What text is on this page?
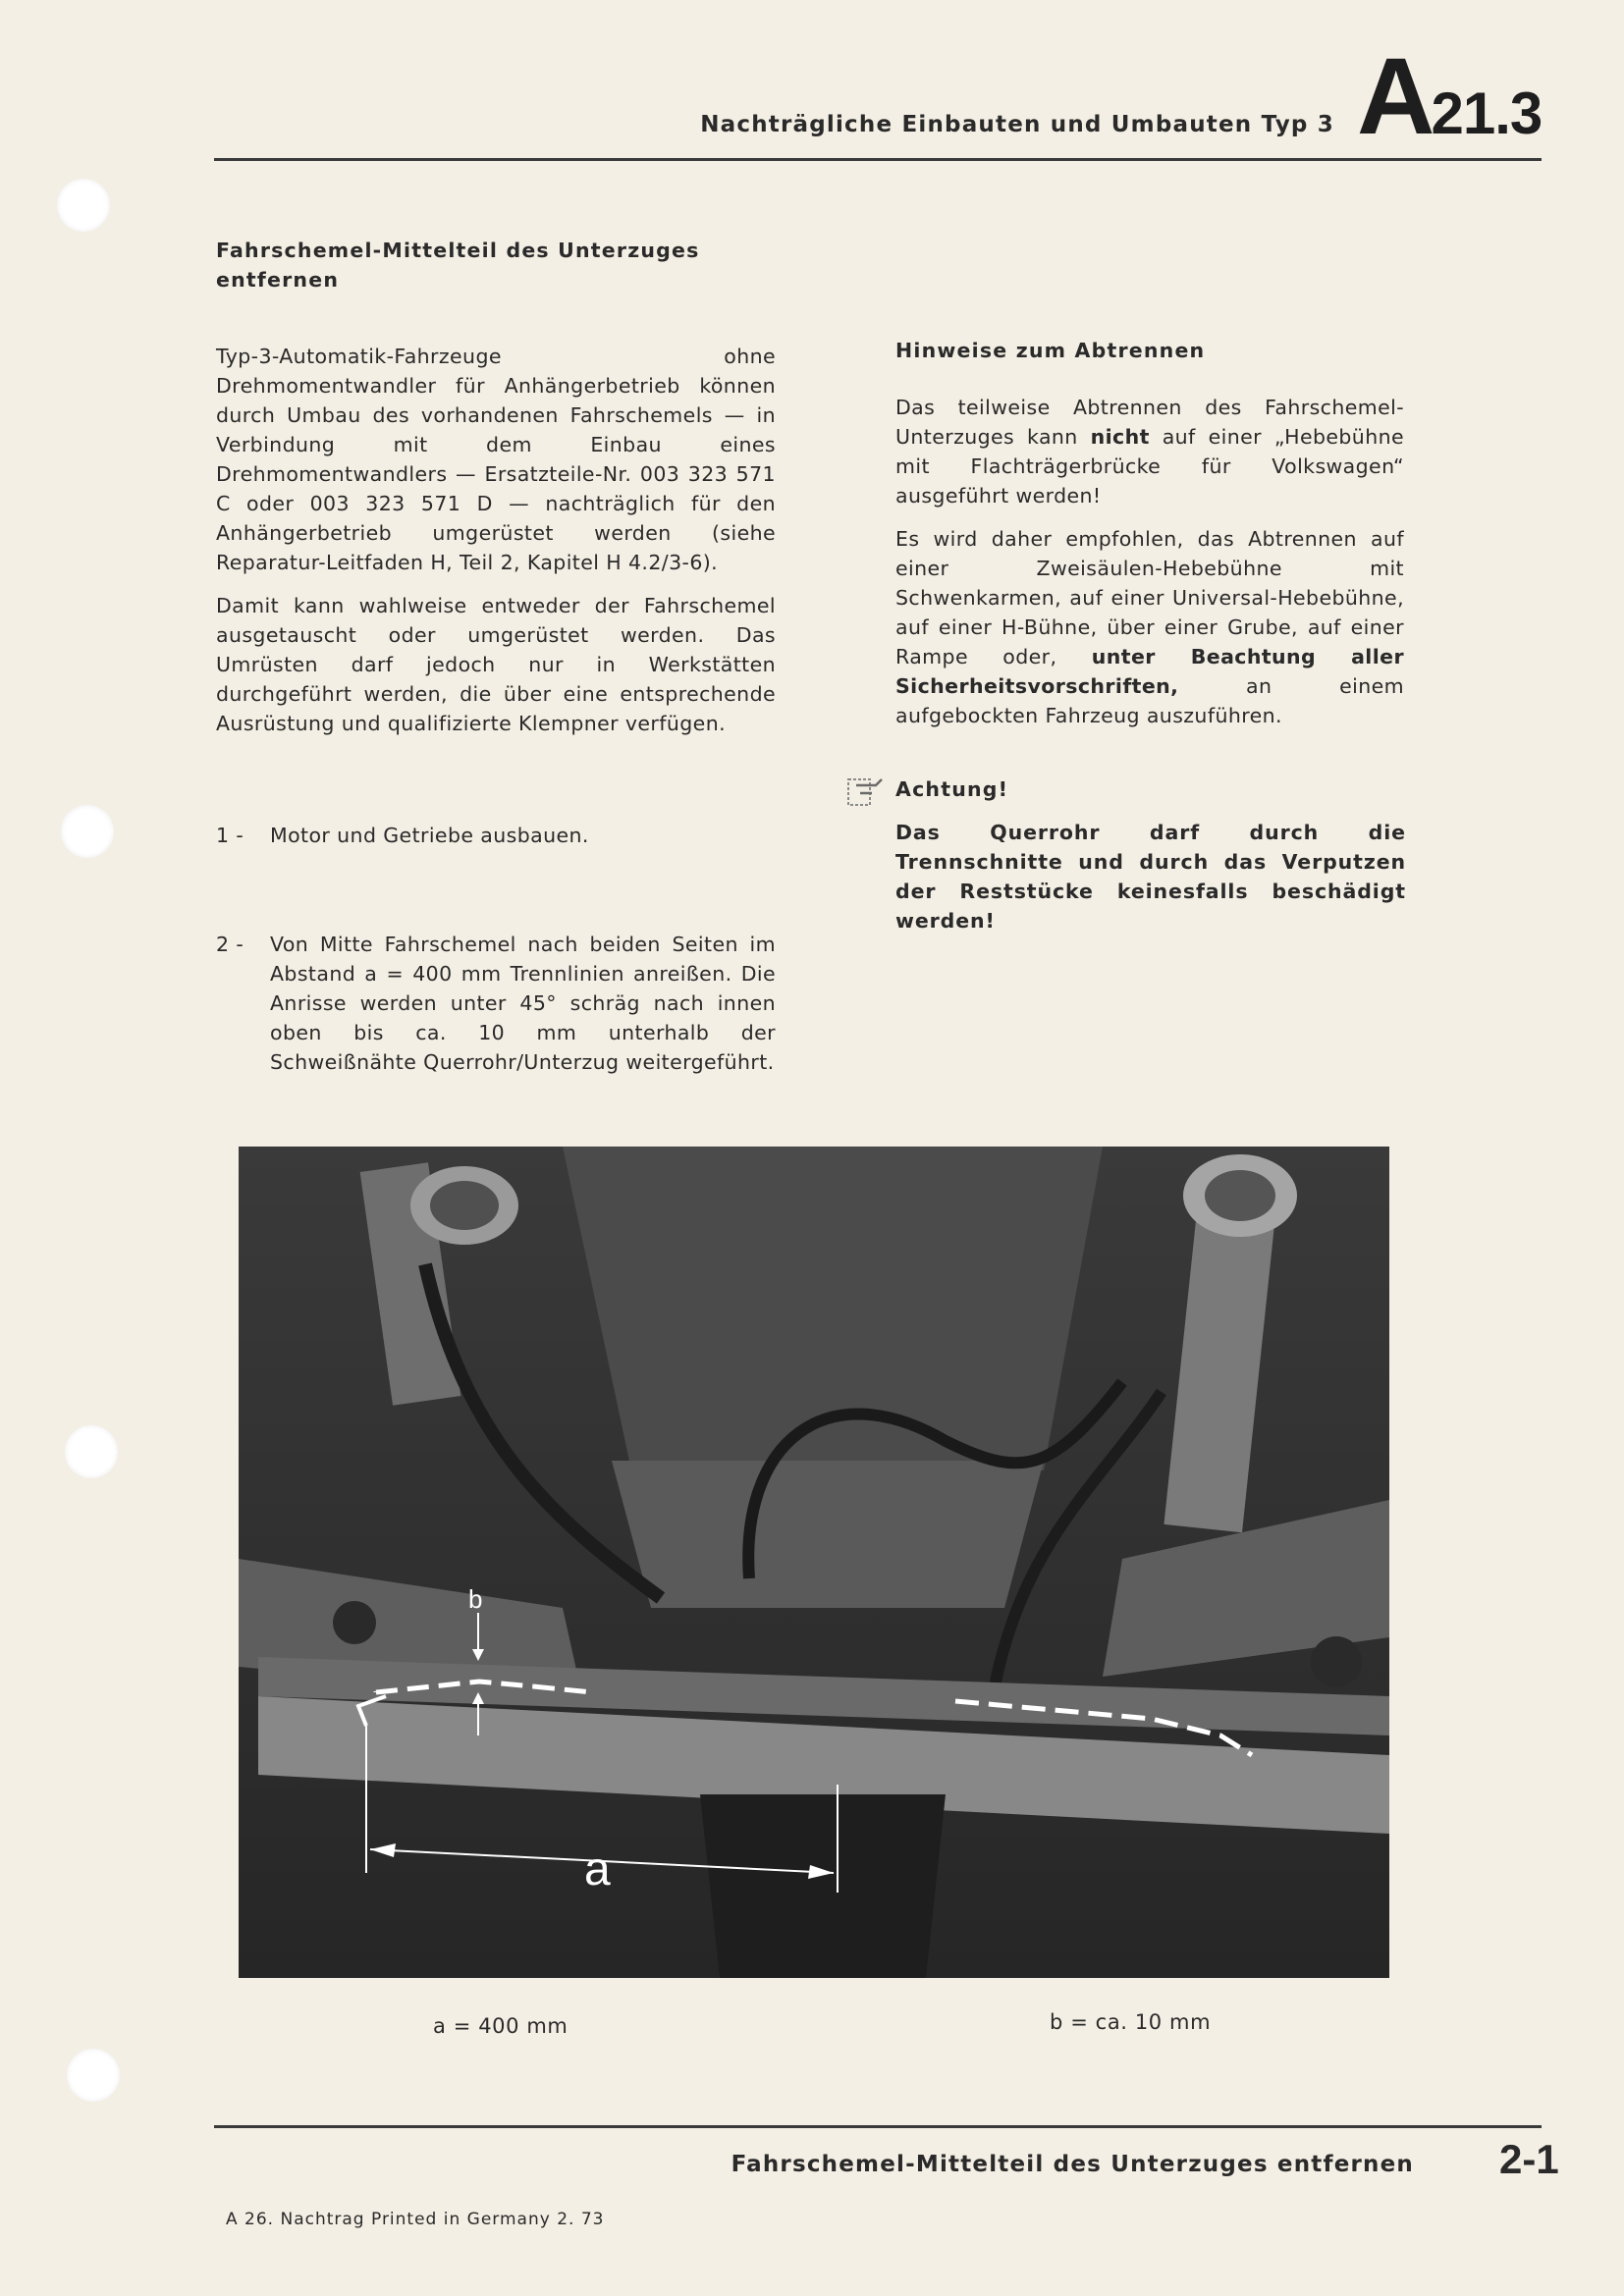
Nachträgliche Einbauten und Umbauten Typ 3 A21.3

Fahrschemel-Mittelteil des Unterzuges entfernen

Typ-3-Automatik-Fahrzeuge ohne Drehmomentwandler für Anhängerbetrieb können durch Umbau des vorhandenen Fahrschemels — in Verbindung mit dem Einbau eines Drehmomentwandlers — Ersatzteile-Nr. 003 323 571 C oder 003 323 571 D — nachträglich für den Anhängerbetrieb umgerüstet werden (siehe Reparatur-Leitfaden H, Teil 2, Kapitel H 4.2/3-6).

Damit kann wahlweise entweder der Fahrschemel ausgetauscht oder umgerüstet werden. Das Umrüsten darf jedoch nur in Werkstätten durchgeführt werden, die über eine entsprechende Ausrüstung und qualifizierte Klempner verfügen.

1 - Motor und Getriebe ausbauen.
2 - Von Mitte Fahrschemel nach beiden Seiten im Abstand a = 400 mm Trennlinien anreißen. Die Anrisse werden unter 45° schräg nach innen oben bis ca. 10 mm unterhalb der Schweißnähte Querrohr/Unterzug weitergeführt.

Hinweise zum Abtrennen

Das teilweise Abtrennen des Fahrschemel-Unterzuges kann nicht auf einer „Hebebühne mit Flachträgerbrücke für Volkswagen“ ausgeführt werden!

Es wird daher empfohlen, das Abtrennen auf einer Zweisäulen-Hebebühne mit Schwenkarmen, auf einer Universal-Hebebühne, auf einer H-Bühne, über einer Grube, auf einer Rampe oder, unter Beachtung aller Sicherheitsvorschriften, an einem aufgebockten Fahrzeug auszuführen.

Achtung!

Das Querrohr darf durch die Trennschnitte und durch das Verputzen der Reststücke keinesfalls beschädigt werden!

b
a
a = 400 mm	b = ca. 10 mm
Fahrschemel-Mittelteil des Unterzuges entfernen 2-1
A 26. Nachtrag Printed in Germany 2. 73
